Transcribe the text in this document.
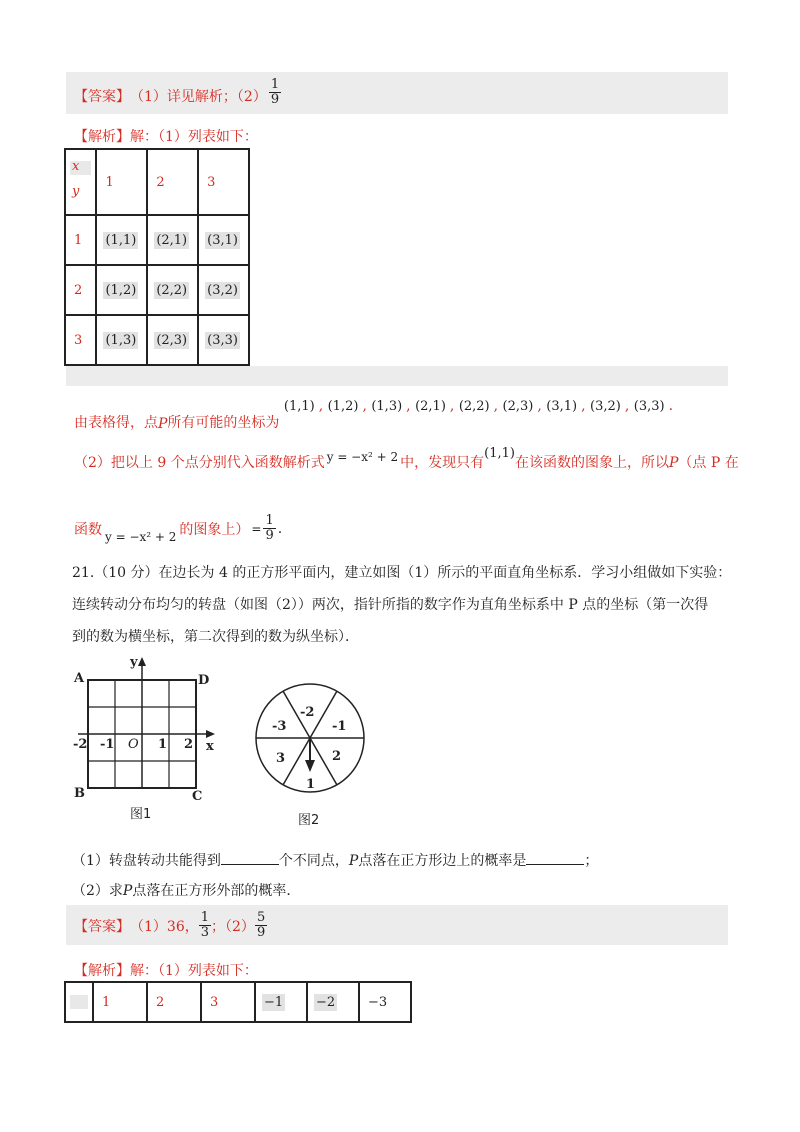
【答案】 （1）详见解析；$(2) \frac{1}{9}$
【解析】解：（1）列表如下：
x
y	1	2	3
1	(1,1)	(2,1)	(3,1)
2	(1,2)	(2,2)	(3,2)
3	(1,3)	(2,3)	(3,3)
由表格得，点P所有可能的坐标为 (1,1) , (1,2) , (1,3) , (2,1) , (2,2) , (2,3) , (3,1) , (3,2) , (3,3) .
（2）把以上 9 个点分别代入函数解析式 y = −x² + 2 中，发现只有(1,1)在该函数的图象上，所以P（点 P 在
函数 y = −x² + 2 的图象上） = $\frac{1}{9}$ .
21.（10 分）在边长为 4 的正方形平面内，建立如图（1）所示的平面直角坐标系．学习小组做如下实验：
连续转动分布均匀的转盘（如图（2））两次，指针所指的数字作为直角坐标系中 P 点的坐标（第一次得
到的数为横坐标，第二次得到的数为纵坐标）．
y
A	D
B	C
x
-2 -1 O 1 2
图1
-2
-1
2
1
3
-3
图2
（1）转盘转动共能得到	个不同点，P点落在正方形边上的概率是	；
（2）求P点落在正方形外部的概率．
【答案】 （1）36， $\frac{1}{3}$ ；$(2) \frac{5}{9}$
【解析】解：（1）列表如下：
	1	2	3	−1	−2	−3
